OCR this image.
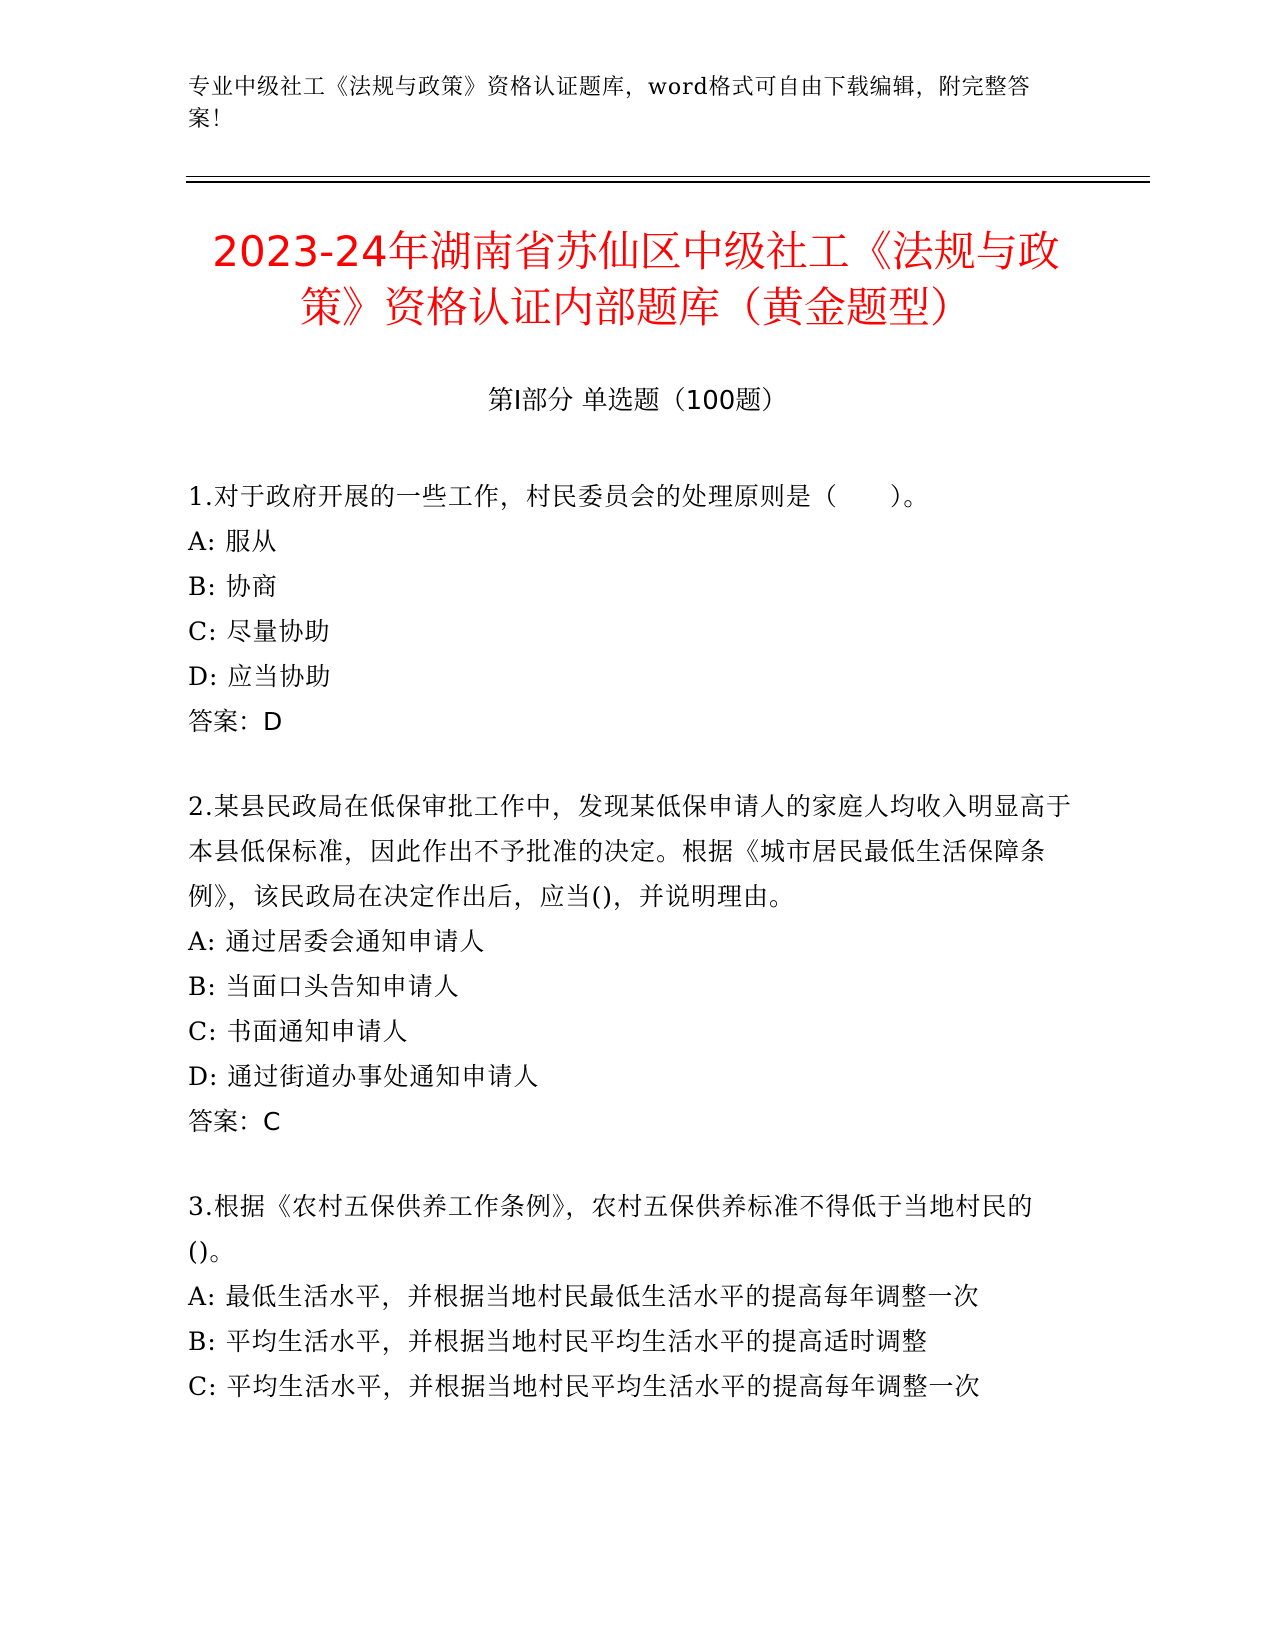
专业中级社工《法规与政策》资格认证题库，word格式可自由下载编辑，附完整答案！
2023-24年湖南省苏仙区中级社工《法规与政策》资格认证内部题库（黄金题型）
第I部分 单选题（100题）
1.对于政府开展的一些工作，村民委员会的处理原则是（　　）。
A: 服从
B: 协商
C: 尽量协助
D: 应当协助
答案：D
2.某县民政局在低保审批工作中，发现某低保申请人的家庭人均收入明显高于本县低保标准，因此作出不予批准的决定。根据《城市居民最低生活保障条例》，该民政局在决定作出后，应当()，并说明理由。
A: 通过居委会通知申请人
B: 当面口头告知申请人
C: 书面通知申请人
D: 通过街道办事处通知申请人
答案：C
3.根据《农村五保供养工作条例》，农村五保供养标准不得低于当地村民的()。
A: 最低生活水平，并根据当地村民最低生活水平的提高每年调整一次
B: 平均生活水平，并根据当地村民平均生活水平的提高适时调整
C: 平均生活水平，并根据当地村民平均生活水平的提高每年调整一次
